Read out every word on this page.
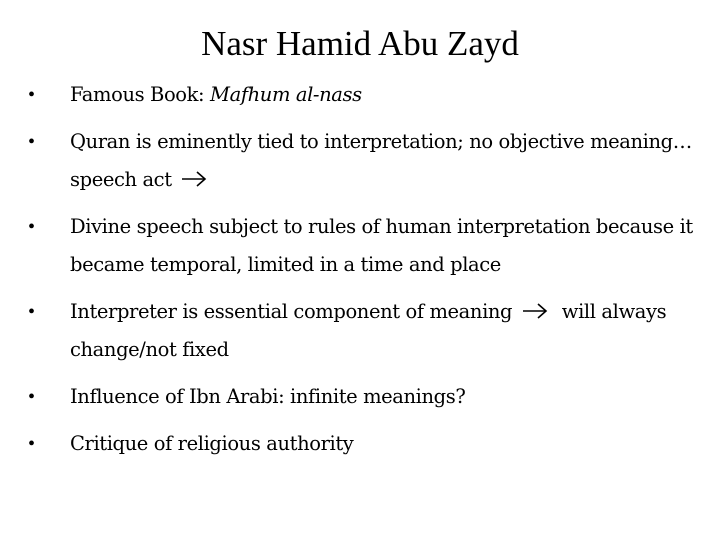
Nasr Hamid Abu Zayd
• Famous Book: Mafhum al-nass
• Quran is eminently tied to interpretation; no objective meaning… speech act
• Divine speech subject to rules of human interpretation because it became temporal, limited in a time and place
• Interpreter is essential component of meaning	will always change/not fixed
• Influence of Ibn Arabi: infinite meanings?
• Critique of religious authority
